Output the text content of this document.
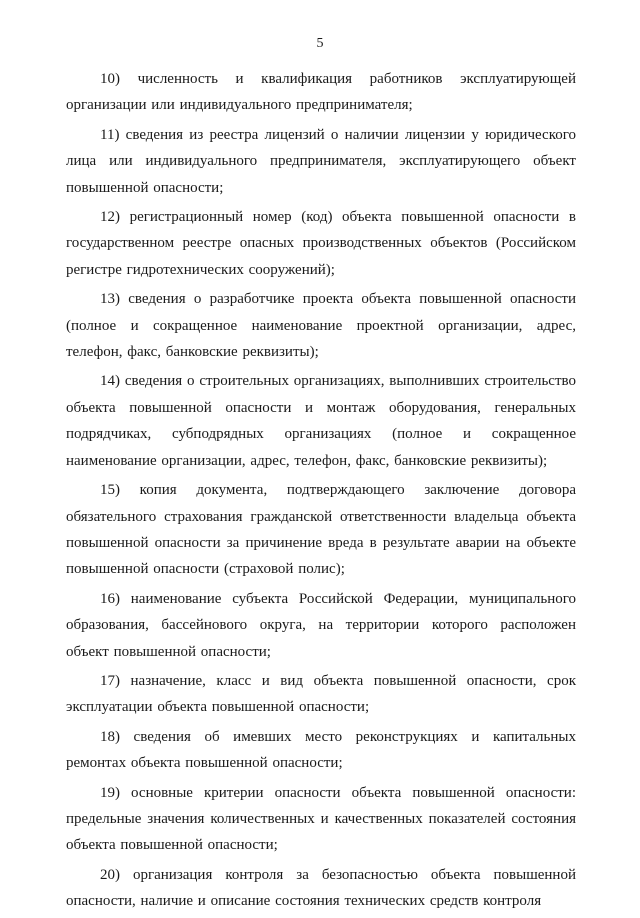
5

10) численность и квалификация работников эксплуатирующей организации или индивидуального предпринимателя;

11) сведения из реестра лицензий о наличии лицензии у юридического лица или индивидуального предпринимателя, эксплуатирующего объект повышенной опасности;

12) регистрационный номер (код) объекта повышенной опасности в государственном реестре опасных производственных объектов (Российском регистре гидротехнических сооружений);

13) сведения о разработчике проекта объекта повышенной опасности (полное и сокращенное наименование проектной организации, адрес, телефон, факс, банковские реквизиты);

14) сведения о строительных организациях, выполнивших строительство объекта повышенной опасности и монтаж оборудования, генеральных подрядчиках, субподрядных организациях (полное и сокращенное наименование организации, адрес, телефон, факс, банковские реквизиты);

15) копия документа, подтверждающего заключение договора обязательного страхования гражданской ответственности владельца объекта повышенной опасности за причинение вреда в результате аварии на объекте повышенной опасности (страховой полис);

16) наименование субъекта Российской Федерации, муниципального образования, бассейнового округа, на территории которого расположен объект повышенной опасности;

17) назначение, класс и вид объекта повышенной опасности, срок эксплуатации объекта повышенной опасности;

18) сведения об имевших место реконструкциях и капитальных ремонтах объекта повышенной опасности;

19) основные критерии опасности объекта повышенной опасности: предельные значения количественных и качественных показателей состояния объекта повышенной опасности;

20) организация контроля за безопасностью объекта повышенной опасности, наличие и описание состояния технических средств контроля
